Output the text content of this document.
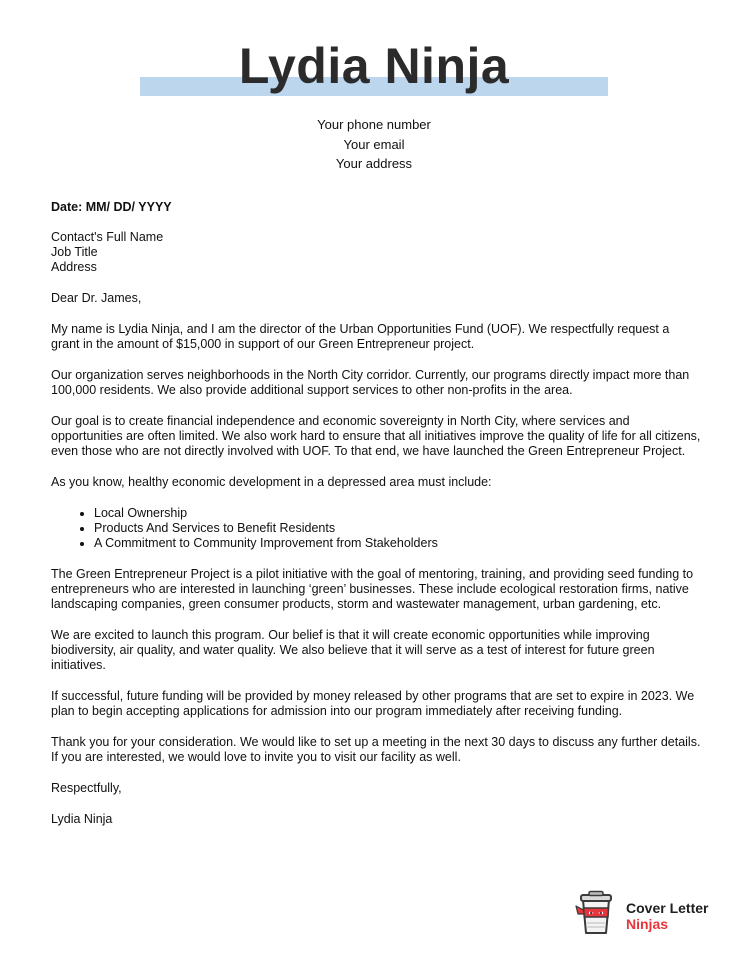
Lydia Ninja
Your phone number
Your email
Your address

Date: MM/ DD/ YYYY

Contact's Full Name
Job Title
Address

Dear Dr. James,

My name is Lydia Ninja, and I am the director of the Urban Opportunities Fund (UOF). We respectfully request a grant in the amount of $15,000 in support of our Green Entrepreneur project.

Our organization serves neighborhoods in the North City corridor. Currently, our programs directly impact more than 100,000 residents. We also provide additional support services to other non-profits in the area.

Our goal is to create financial independence and economic sovereignty in North City, where services and opportunities are often limited. We also work hard to ensure that all initiatives improve the quality of life for all citizens, even those who are not directly involved with UOF. To that end, we have launched the Green Entrepreneur Project.

As you know, healthy economic development in a depressed area must include:

• Local Ownership
• Products And Services to Benefit Residents
• A Commitment to Community Improvement from Stakeholders

The Green Entrepreneur Project is a pilot initiative with the goal of mentoring, training, and providing seed funding to entrepreneurs who are interested in launching ‘green’ businesses. These include ecological restoration firms, native landscaping companies, green consumer products, storm and wastewater management, urban gardening, etc.

We are excited to launch this program. Our belief is that it will create economic opportunities while improving biodiversity, air quality, and water quality. We also believe that it will serve as a test of interest for future green initiatives.

If successful, future funding will be provided by money released by other programs that are set to expire in 2023. We plan to begin accepting applications for admission into our program immediately after receiving funding.

Thank you for your consideration. We would like to set up a meeting in the next 30 days to discuss any further details. If you are interested, we would love to invite you to visit our facility as well.

Respectfully,

Lydia Ninja

Cover Letter
Ninjas
